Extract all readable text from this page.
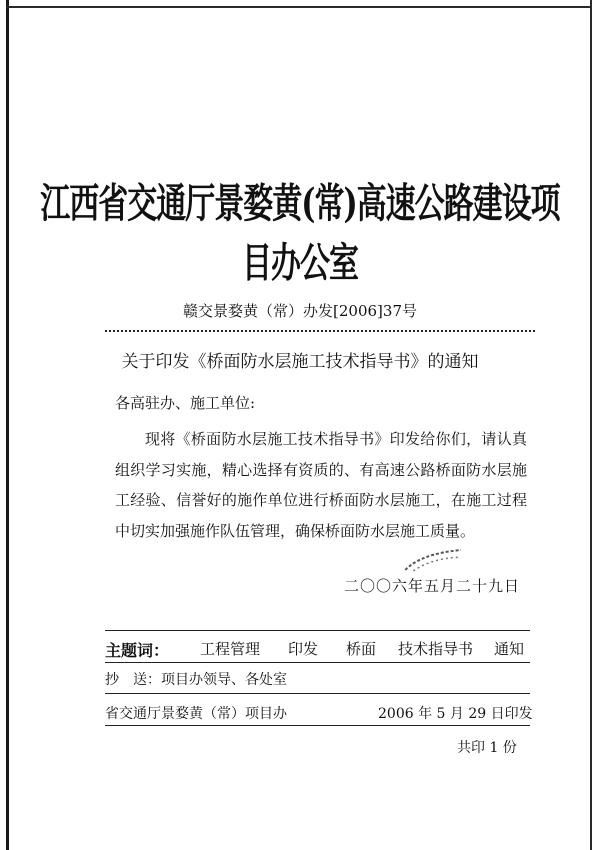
江西省交通厅景婺黄(常)高速公路建设项目办公室
赣交景婺黄（常）办发[2006]37号
关于印发《桥面防水层施工技术指导书》的通知
各高驻办、施工单位:
现将《桥面防水层施工技术指导书》印发给你们，请认真组织学习实施，精心选择有资质的、有高速公路桥面防水层施工经验、信誉好的施作单位进行桥面防水层施工，在施工过程中切实加强施作队伍管理，确保桥面防水层施工质量。
二〇〇六年五月二十九日
主题词： 工程管理 印发 桥面 技术指导书 通知
抄　送：项目办领导、各处室
省交通厅景婺黄（常）项目办	2006 年 5 月 29 日印发
共印 1 份
